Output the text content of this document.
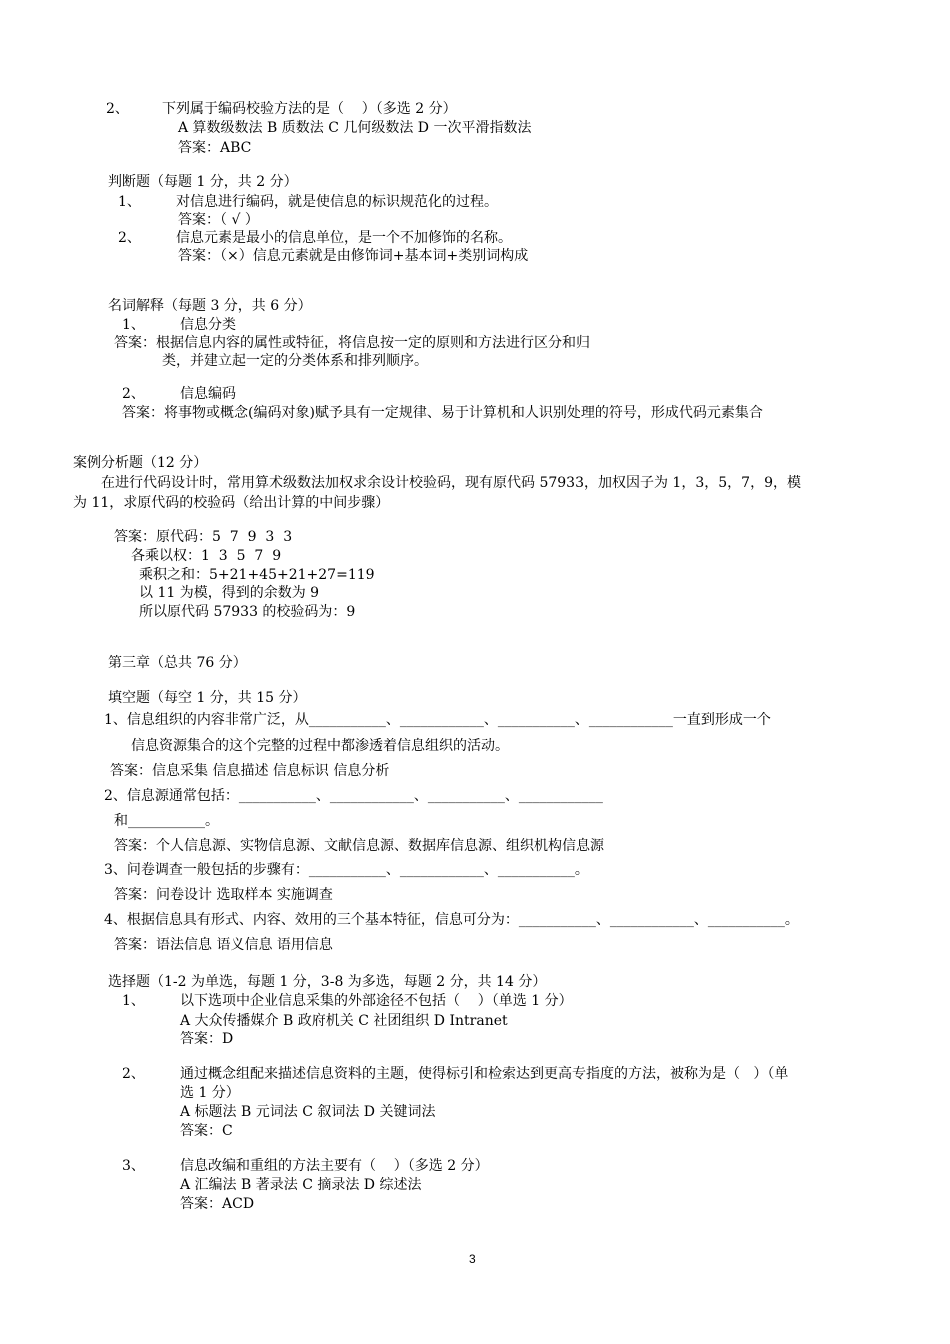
2、 下列属于编码校验方法的是（    ）（多选 2 分）
A 算数级数法 B 质数法 C 几何级数法 D 一次平滑指数法
答案：ABC
判断题（每题 1 分，共 2 分）
1、	对信息进行编码，就是使信息的标识规范化的过程。
答案：（ √ ）
2、	信息元素是最小的信息单位，是一个不加修饰的名称。
答案：（×）信息元素就是由修饰词+基本词+类别词构成
名词解释（每题 3 分，共 6 分）
1、	信息分类
答案：根据信息内容的属性或特征，将信息按一定的原则和方法进行区分和归
类，并建立起一定的分类体系和排列顺序。
2、	信息编码
答案：将事物或概念(编码对象)赋予具有一定规律、易于计算机和人识别处理的符号，形成代码元素集合
案例分析题（12 分）
在进行代码设计时，常用算术级数法加权求余设计校验码，现有原代码 57933，加权因子为 1，3，5，7，9，模
为 11，求原代码的校验码（给出计算的中间步骤）
答案：原代码：5  7  9  3  3
各乘以权：1  3  5  7  9
乘积之和：5+21+45+21+27=119
以 11 为模，得到的余数为 9
所以原代码 57933 的校验码为：9
第三章（总共 76 分）
填空题（每空 1 分，共 15 分）
1、信息组织的内容非常广泛，从___________、____________、___________、____________一直到形成一个
信息资源集合的这个完整的过程中都渗透着信息组织的活动。
答案：信息采集 信息描述 信息标识 信息分析
2、信息源通常包括：___________、____________、___________、____________
和___________。
答案：个人信息源、实物信息源、文献信息源、数据库信息源、组织机构信息源
3、问卷调查一般包括的步骤有：___________、____________、___________。
答案：问卷设计 选取样本 实施调查
4、根据信息具有形式、内容、效用的三个基本特征，信息可分为：___________、____________、___________。
答案：语法信息 语义信息 语用信息
选择题（1-2 为单选，每题 1 分，3-8 为多选，每题 2 分，共 14 分）
1、	以下选项中企业信息采集的外部途径不包括（    ）（单选 1 分）
A 大众传播媒介 B 政府机关 C 社团组织 D Intranet
答案：D
2、	通过概念组配来描述信息资料的主题，使得标引和检索达到更高专指度的方法，被称为是（   ）（单
选 1 分）
A 标题法 B 元词法 C 叙词法 D 关键词法
答案：C
3、	信息改编和重组的方法主要有（    ）（多选 2 分）
A 汇编法 B 著录法 C 摘录法 D 综述法
答案：ACD
3
